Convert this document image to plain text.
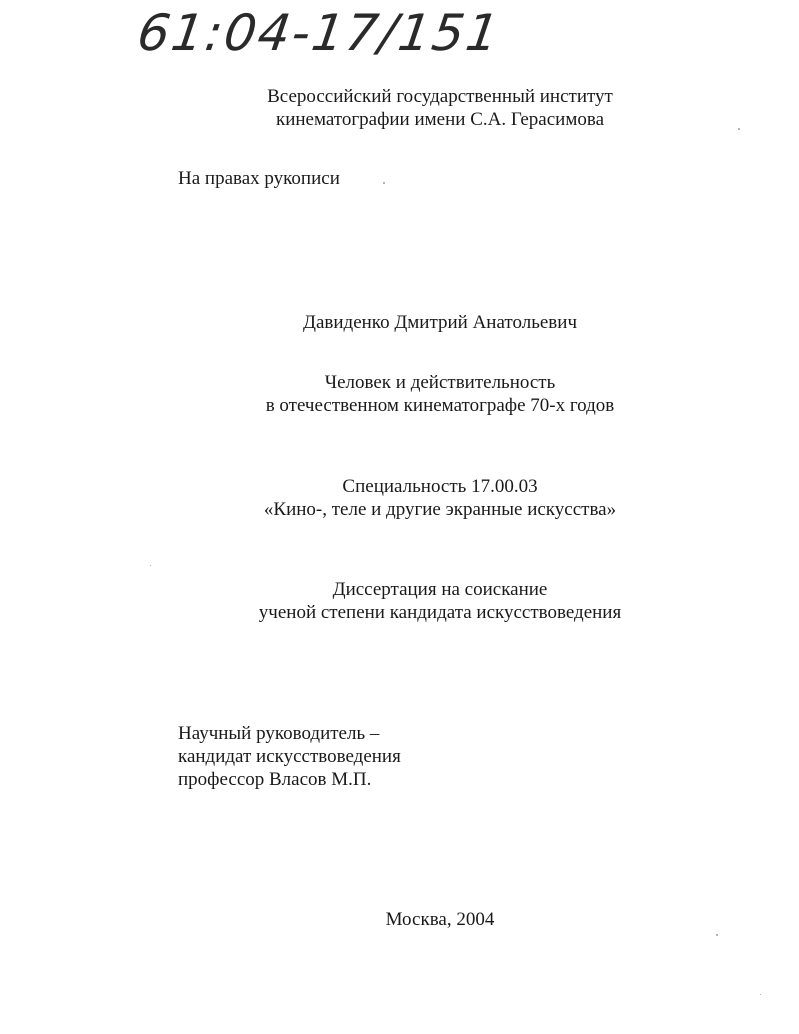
61:04-17/151
Всероссийский государственный институт
кинематографии имени С.А. Герасимова
На правах рукописи
Давиденко Дмитрий Анатольевич
Человек и действительность
в отечественном кинематографе 70-х годов
Специальность 17.00.03
«Кино-, теле и другие экранные искусства»
Диссертация на соискание
ученой степени кандидата искусствоведения
Научный руководитель –
кандидат искусствоведения
профессор Власов М.П.
Москва, 2004
